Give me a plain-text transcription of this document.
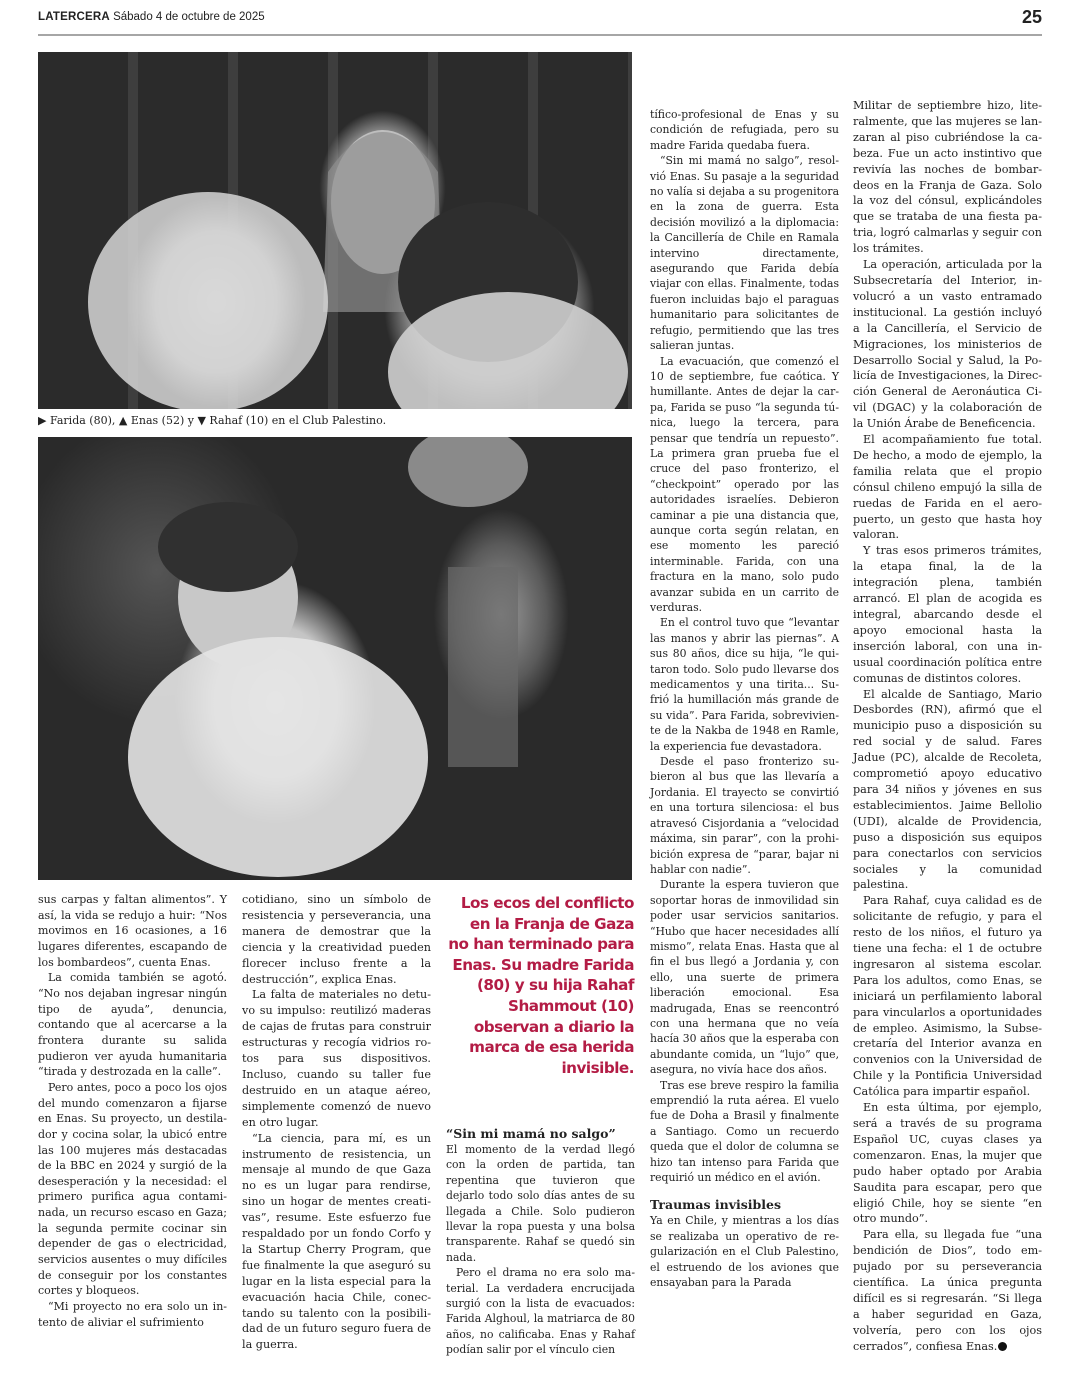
LATERCERA Sábado 4 de octubre de 2025	25
▶ Farida (80), ▲ Enas (52) y ▼ Rahaf (10) en el Club Palestino.

sus carpas y faltan alimentos”. Y así, la vida se redujo a huir: “Nos movimos en 16 ocasiones, a 16 lugares diferentes, escapando de los bombardeos”, cuenta Enas.

La comida también se agotó. “No nos dejaban ingresar ningún tipo de ayuda”, denuncia, contando que al acercarse a la frontera durante su salida pudieron ver ayuda humanitaria “tirada y destrozada en la calle”.

Pero antes, poco a poco los ojos del mundo comenzaron a fijarse en Enas. Su proyecto, un destilador y cocina solar, la ubicó entre las 100 mujeres más destacadas de la BBC en 2024 y surgió de la desesperación y la necesidad: el primero purifica agua contaminada, un recurso escaso en Gaza; la segunda permite cocinar sin depender de gas o electricidad, servicios ausentes o muy difíciles de conseguir por los constantes cortes y bloqueos.

“Mi proyecto no era solo un intento de aliviar el sufrimiento

cotidiano, sino un símbolo de resistencia y perseverancia, una manera de demostrar que la ciencia y la creatividad pueden florecer incluso frente a la destrucción”, explica Enas.

La falta de materiales no detuvo su impulso: reutilizó maderas de cajas de frutas para construir estructuras y recogía vidrios rotos para sus dispositivos. Incluso, cuando su taller fue destruido en un ataque aéreo, simplemente comenzó de nuevo en otro lugar.

“La ciencia, para mí, es un instrumento de resistencia, un mensaje al mundo de que Gaza no es un lugar para rendirse, sino un hogar de mentes creativas”, resume. Este esfuerzo fue respaldado por un fondo Corfo y la Startup Cherry Program, que fue finalmente la que aseguró su lugar en la lista especial para la evacuación hacia Chile, conectando su talento con la posibilidad de un futuro seguro fuera de la guerra.

Los ecos del conflicto en la Franja de Gaza no han terminado para Enas. Su madre Farida (80) y su hija Rahaf Shammout (10) observan a diario la marca de esa herida invisible.
“Sin mi mamá no salgo”

El momento de la verdad llegó con la orden de partida, tan repentina que tuvieron que dejarlo todo solo días antes de su llegada a Chile. Solo pudieron llevar la ropa puesta y una bolsa transparente. Rahaf se quedó sin nada.

Pero el drama no era solo material. La verdadera encrucijada surgió con la lista de evacuados: Farida Alghoul, la matriarca de 80 años, no calificaba. Enas y Rahaf podían salir por el vínculo cien

tífico-profesional de Enas y su condición de refugiada, pero su madre Farida quedaba fuera.

“Sin mi mamá no salgo”, resolvió Enas. Su pasaje a la seguridad no valía si dejaba a su progenitora en la zona de guerra. Esta decisión movilizó a la diplomacia: la Cancillería de Chile en Ramala intervino directamente, asegurando que Farida debía viajar con ellas. Finalmente, todas fueron incluidas bajo el paraguas humanitario para solicitantes de refugio, permitiendo que las tres salieran juntas.

La evacuación, que comenzó el 10 de septiembre, fue caótica. Y humillante. Antes de dejar la carpa, Farida se puso “la segunda túnica, luego la tercera, para pensar que tendría un repuesto”. La primera gran prueba fue el cruce del paso fronterizo, el “checkpoint” operado por las autoridades israelíes. Debieron caminar a pie una distancia que, aunque corta según relatan, en ese momento les pareció interminable. Farida, con una fractura en la mano, solo pudo avanzar subida en un carrito de verduras.

En el control tuvo que “levantar las manos y abrir las piernas”. A sus 80 años, dice su hija, “le quitaron todo. Solo pudo llevarse dos medicamentos y una tirita... Sufrió la humillación más grande de su vida”. Para Farida, sobreviviente de la Nakba de 1948 en Ramle, la experiencia fue devastadora.

Desde el paso fronterizo subieron al bus que las llevaría a Jordania. El trayecto se convirtió en una tortura silenciosa: el bus atravesó Cisjordania a “velocidad máxima, sin parar”, con la prohibición expresa de “parar, bajar ni hablar con nadie”.

Durante la espera tuvieron que soportar horas de inmovilidad sin poder usar servicios sanitarios. “Hubo que hacer necesidades allí mismo”, relata Enas. Hasta que al fin el bus llegó a Jordania y, con ello, una suerte de primera liberación emocional. Esa madrugada, Enas se reencontró con una hermana que no veía hacía 30 años que la esperaba con abundante comida, un “lujo” que, asegura, no vivía hace dos años.

Tras ese breve respiro la familia emprendió la ruta aérea. El vuelo fue de Doha a Brasil y finalmente a Santiago. Como un recuerdo queda que el dolor de columna se hizo tan intenso para Farida que requirió un médico en el avión.

Traumas invisibles

Ya en Chile, y mientras a los días se realizaba un operativo de regularización en el Club Palestino, el estruendo de los aviones que ensayaban para la Parada

Militar de septiembre hizo, literalmente, que las mujeres se lanzaran al piso cubriéndose la cabeza. Fue un acto instintivo que revivía las noches de bombardeos en la Franja de Gaza. Solo la voz del cónsul, explicándoles que se trataba de una fiesta patria, logró calmarlas y seguir con los trámites.

La operación, articulada por la Subsecretaría del Interior, involucró a un vasto entramado institucional. La gestión incluyó a la Cancillería, el Servicio de Migraciones, los ministerios de Desarrollo Social y Salud, la Policía de Investigaciones, la Dirección General de Aeronáutica Civil (DGAC) y la colaboración de la Unión Árabe de Beneficencia.

El acompañamiento fue total. De hecho, a modo de ejemplo, la familia relata que el propio cónsul chileno empujó la silla de ruedas de Farida en el aeropuerto, un gesto que hasta hoy valoran.

Y tras esos primeros trámites, la etapa final, la de la integración plena, también arrancó. El plan de acogida es integral, abarcando desde el apoyo emocional hasta la inserción laboral, con una inusual coordinación política entre comunas de distintos colores.

El alcalde de Santiago, Mario Desbordes (RN), afirmó que el municipio puso a disposición su red social y de salud. Fares Jadue (PC), alcalde de Recoleta, comprometió apoyo educativo para 34 niños y jóvenes en sus establecimientos. Jaime Bellolio (UDI), alcalde de Providencia, puso a disposición sus equipos para conectarlos con servicios sociales y la comunidad palestina.

Para Rahaf, cuya calidad es de solicitante de refugio, y para el resto de los niños, el futuro ya tiene una fecha: el 1 de octubre ingresaron al sistema escolar. Para los adultos, como Enas, se iniciará un perfilamiento laboral para vincularlos a oportunidades de empleo. Asimismo, la Subsecretaría del Interior avanza en convenios con la Universidad de Chile y la Pontificia Universidad Católica para impartir español.

En esta última, por ejemplo, será a través de su programa Español UC, cuyas clases ya comenzaron. Enas, la mujer que pudo haber optado por Arabia Saudita para escapar, pero que eligió Chile, hoy se siente “en otro mundo”.

Para ella, su llegada fue “una bendición de Dios”, todo empujado por su perseverancia científica. La única pregunta difícil es si regresarán. “Si llega a haber seguridad en Gaza, volvería, pero con los ojos cerrados”, confiesa Enas.
